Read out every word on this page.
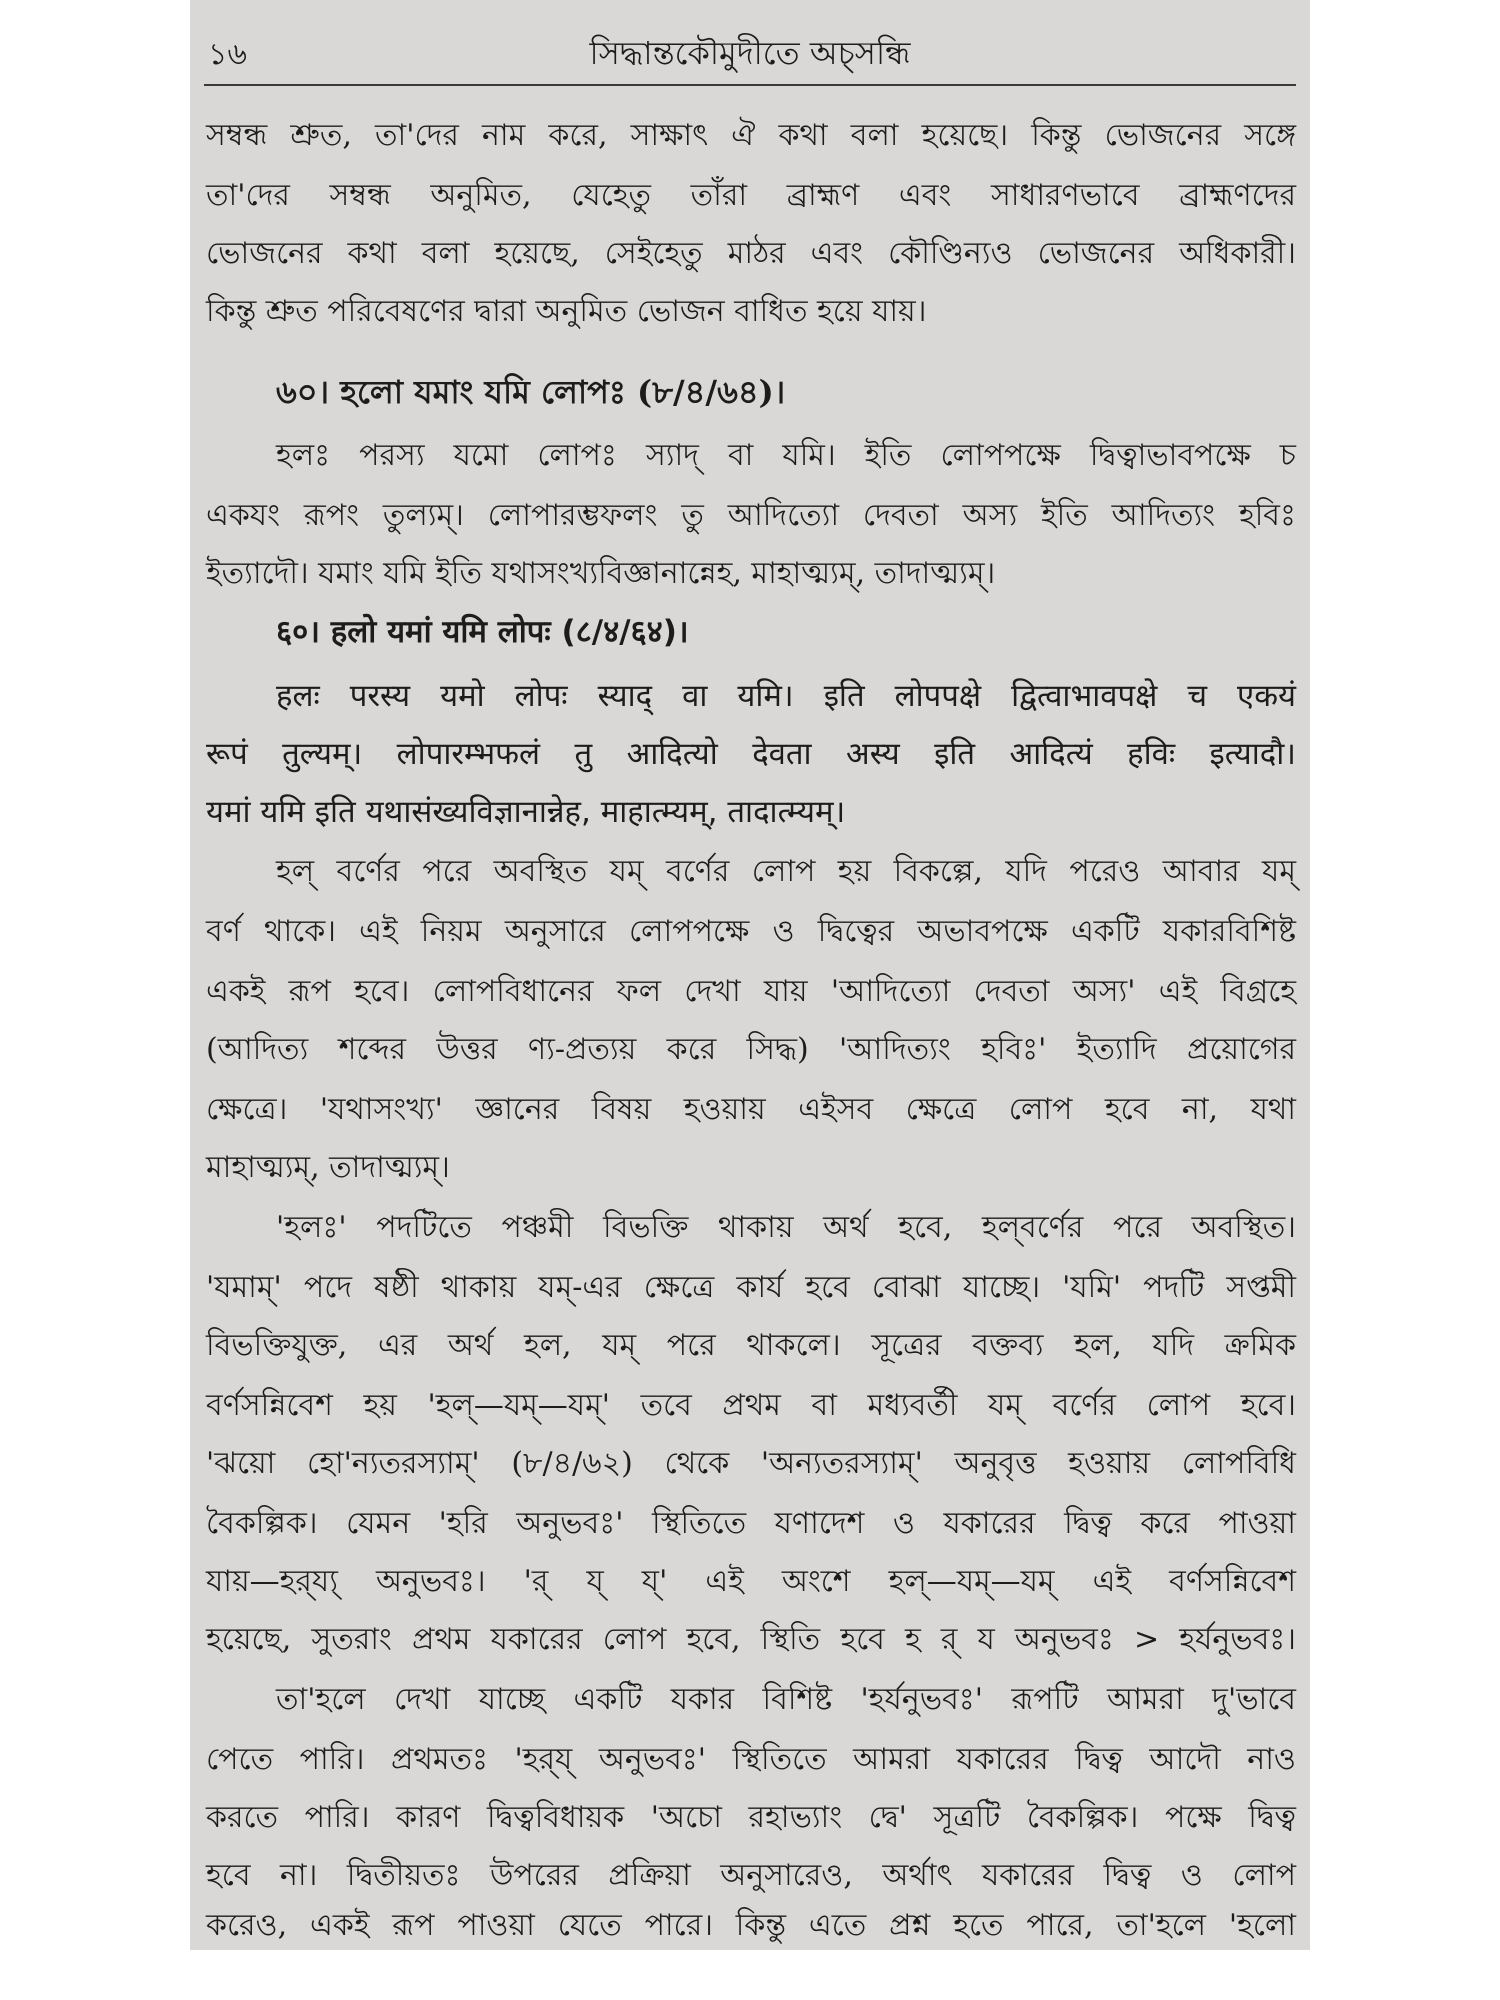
১৬	সিদ্ধান্তকৌমুদীতে অচ্‌সন্ধি
সম্বন্ধ শ্রুত, তা'দের নাম করে, সাক্ষাৎ ঐ কথা বলা হয়েছে। কিন্তু ভোজনের সঙ্গে
তা'দের সম্বন্ধ অনুমিত, যেহেতু তাঁরা ব্রাহ্মণ এবং সাধারণভাবে ব্রাহ্মণদের
ভোজনের কথা বলা হয়েছে, সেইহেতু মাঠর এবং কৌণ্ডিন্যও ভোজনের অধিকারী।
কিন্তু শ্রুত পরিবেষণের দ্বারা অনুমিত ভোজন বাধিত হয়ে যায়।
৬০। হলো যমাং যমি লোপঃ (৮/৪/৬৪)।
হলঃ পরস্য যমো লোপঃ স্যাদ্‌ বা যমি। ইতি লোপপক্ষে দ্বিত্বাভাবপক্ষে চ
একযং রূপং তুল্যম্‌। লোপারম্ভফলং তু আদিত্যো দেবতা অস্য ইতি আদিত্যং হবিঃ
ইত্যাদৌ। যমাং যমি ইতি যথাসংখ্যবিজ্ঞানান্নেহ, মাহাত্ম্যম্‌, তাদাত্ম্যম্‌।
६०। हलो यमां यमि लोपः (८/४/६४)।
हलः परस्य यमो लोपः स्याद् वा यमि। इति लोपपक्षे द्वित्वाभावपक्षे च एकयं
रूपं तुल्यम्। लोपारम्भफलं तु आदित्यो देवता अस्य इति आदित्यं हविः इत्यादौ।
यमां यमि इति यथासंख्यविज्ञानान्नेह, माहात्म्यम्, तादात्म्यम्।
হল্‌ বর্ণের পরে অবস্থিত যম্‌ বর্ণের লোপ হয় বিকল্পে, যদি পরেও আবার যম্‌
বর্ণ থাকে। এই নিয়ম অনুসারে লোপপক্ষে ও দ্বিত্বের অভাবপক্ষে একটি যকারবিশিষ্ট
একই রূপ হবে। লোপবিধানের ফল দেখা যায় 'আদিত্যো দেবতা অস্য' এই বিগ্রহে
(আদিত্য শব্দের উত্তর ণ্য-প্রত্যয় করে সিদ্ধ) 'আদিত্যং হবিঃ' ইত্যাদি প্রয়োগের
ক্ষেত্রে। 'যথাসংখ্য' জ্ঞানের বিষয় হওয়ায় এইসব ক্ষেত্রে লোপ হবে না, যথা
মাহাত্ম্যম্‌, তাদাত্ম্যম্‌।
'হলঃ' পদটিতে পঞ্চমী বিভক্তি থাকায় অর্থ হবে, হল্‌বর্ণের পরে অবস্থিত।
'যমাম্‌' পদে ষষ্ঠী থাকায় যম্‌-এর ক্ষেত্রে কার্য হবে বোঝা যাচ্ছে। 'যমি' পদটি সপ্তমী
বিভক্তিযুক্ত, এর অর্থ হল, যম্‌ পরে থাকলে। সূত্রের বক্তব্য হল, যদি ক্রমিক
বর্ণসন্নিবেশ হয় 'হল্‌—যম্‌—যম্‌' তবে প্রথম বা মধ্যবর্তী যম্‌ বর্ণের লোপ হবে।
'ঝয়ো হো'ন্যতরস্যাম্‌' (৮/৪/৬২) থেকে 'অন্যতরস্যাম্‌' অনুবৃত্ত হওয়ায় লোপবিধি
বৈকল্পিক। যেমন 'হরি অনুভবঃ' স্থিতিতে যণাদেশ ও যকারের দ্বিত্ব করে পাওয়া
যায়—হর্‌য্য্‌ অনুভবঃ। 'র্‌ য্‌ য্‌' এই অংশে হল্‌—যম্‌—যম্‌ এই বর্ণসন্নিবেশ
হয়েছে, সুতরাং প্রথম যকারের লোপ হবে, স্থিতি হবে হ র্‌ য অনুভবঃ > হর্যনুভবঃ।
তা'হলে দেখা যাচ্ছে একটি যকার বিশিষ্ট 'হর্যনুভবঃ' রূপটি আমরা দু'ভাবে
পেতে পারি। প্রথমতঃ 'হর্‌য্‌ অনুভবঃ' স্থিতিতে আমরা যকারের দ্বিত্ব আদৌ নাও
করতে পারি। কারণ দ্বিত্ববিধায়ক 'অচো রহাভ্যাং দ্বে' সূত্রটি বৈকল্পিক। পক্ষে দ্বিত্ব
হবে না। দ্বিতীয়তঃ উপরের প্রক্রিয়া অনুসারেও, অর্থাৎ যকারের দ্বিত্ব ও লোপ
করেও, একই রূপ পাওয়া যেতে পারে। কিন্তু এতে প্রশ্ন হতে পারে, তা'হলে 'হলো
